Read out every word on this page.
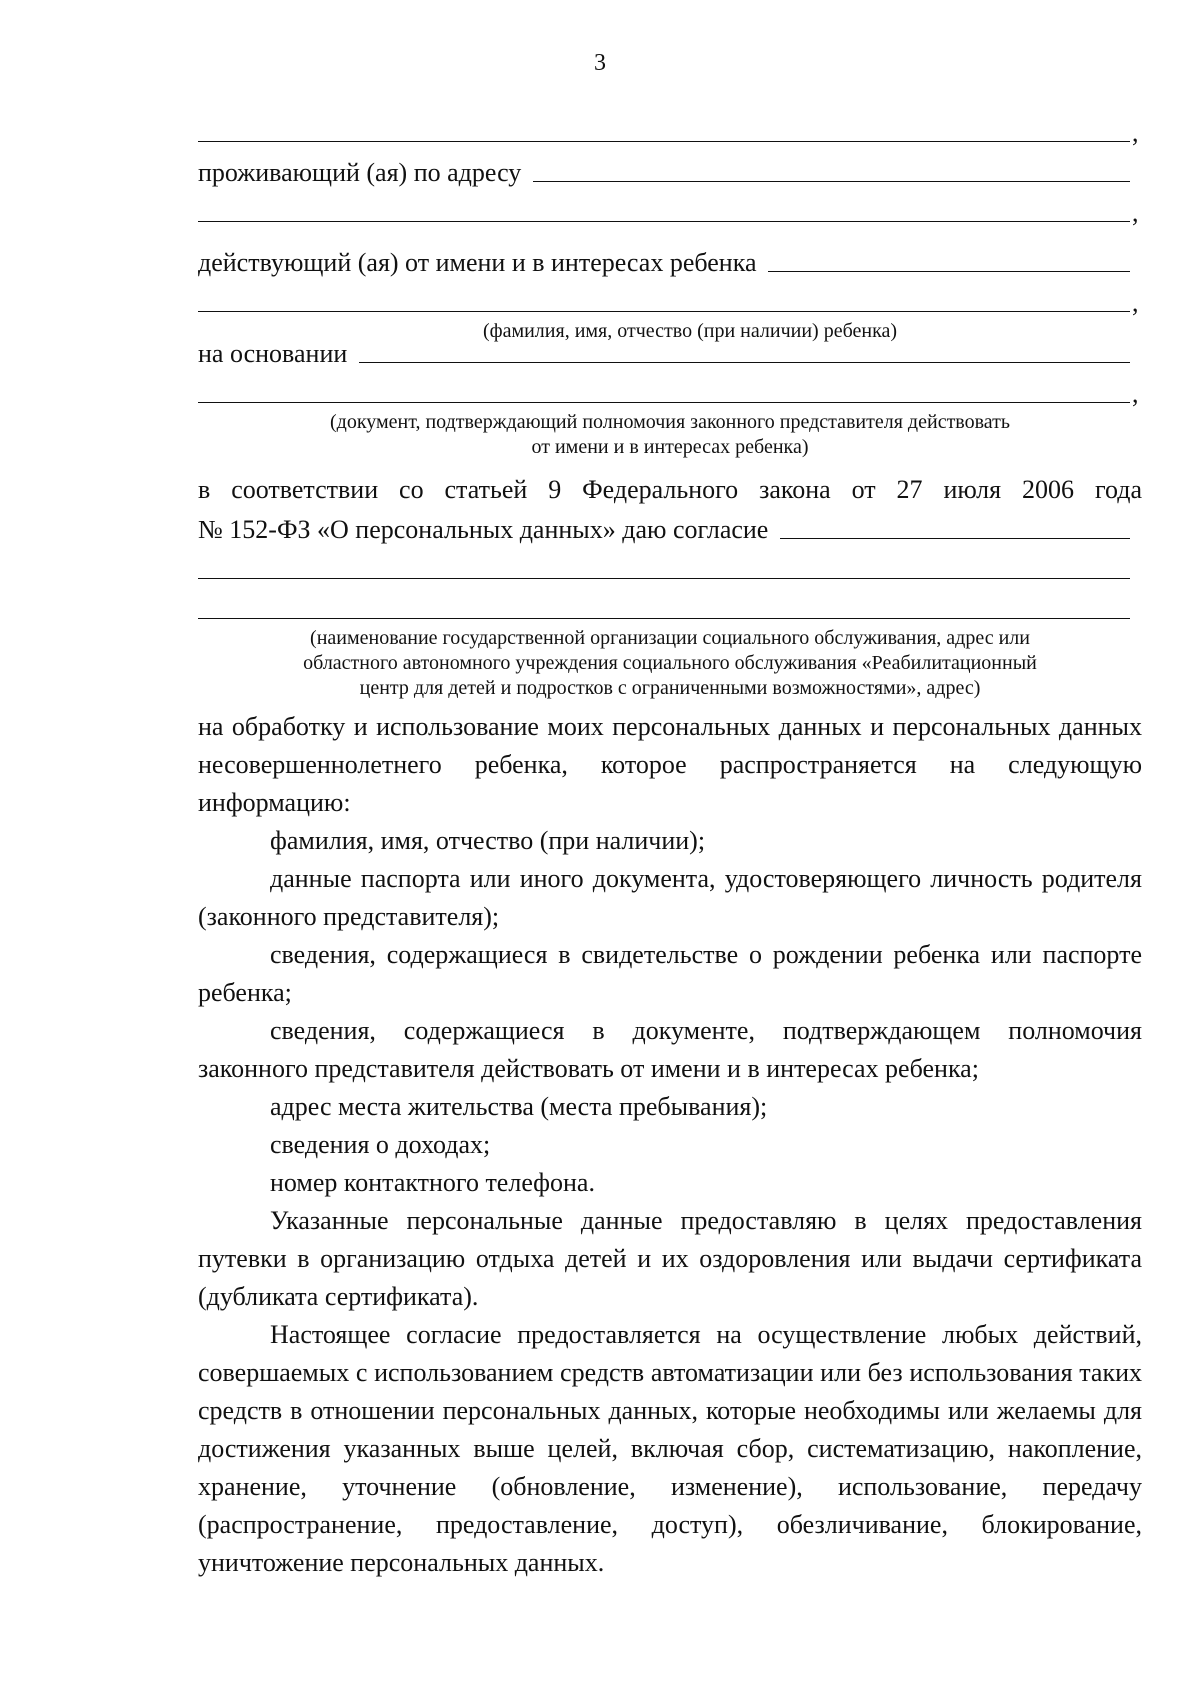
3
,
проживающий (ая) по адресу
,
действующий (ая) от имени и в интересах ребенка
,
(фамилия, имя, отчество (при наличии) ребенка)
на основании
,
(документ, подтверждающий полномочия законного представителя действовать
от имени и в интересах ребенка)
в соответствии со статьей 9 Федерального закона от 27 июля 2006 года
№ 152-ФЗ «О персональных данных» даю согласие
(наименование государственной организации социального обслуживания, адрес или
областного автономного учреждения социального обслуживания «Реабилитационный
центр для детей и подростков с ограниченными возможностями», адрес)

на обработку и использование моих персональных данных и персональных данных несовершеннолетнего ребенка, которое распространяется на следующую информацию:

фамилия, имя, отчество (при наличии);

данные паспорта или иного документа, удостоверяющего личность родителя (законного представителя);

сведения, содержащиеся в свидетельстве о рождении ребенка или паспорте ребенка;

сведения, содержащиеся в документе, подтверждающем полномочия законного представителя действовать от имени и в интересах ребенка;

адрес места жительства (места пребывания);

сведения о доходах;

номер контактного телефона.

Указанные персональные данные предоставляю в целях предоставления путевки в организацию отдыха детей и их оздоровления или выдачи сертификата (дубликата сертификата).

Настоящее согласие предоставляется на осуществление любых действий, совершаемых с использованием средств автоматизации или без использования таких средств в отношении персональных данных, которые необходимы или желаемы для достижения указанных выше целей, включая сбор, систематизацию, накопление, хранение, уточнение (обновление, изменение), использование, передачу (распространение, предоставление, доступ), обезличивание, блокирование, уничтожение персональных данных.
